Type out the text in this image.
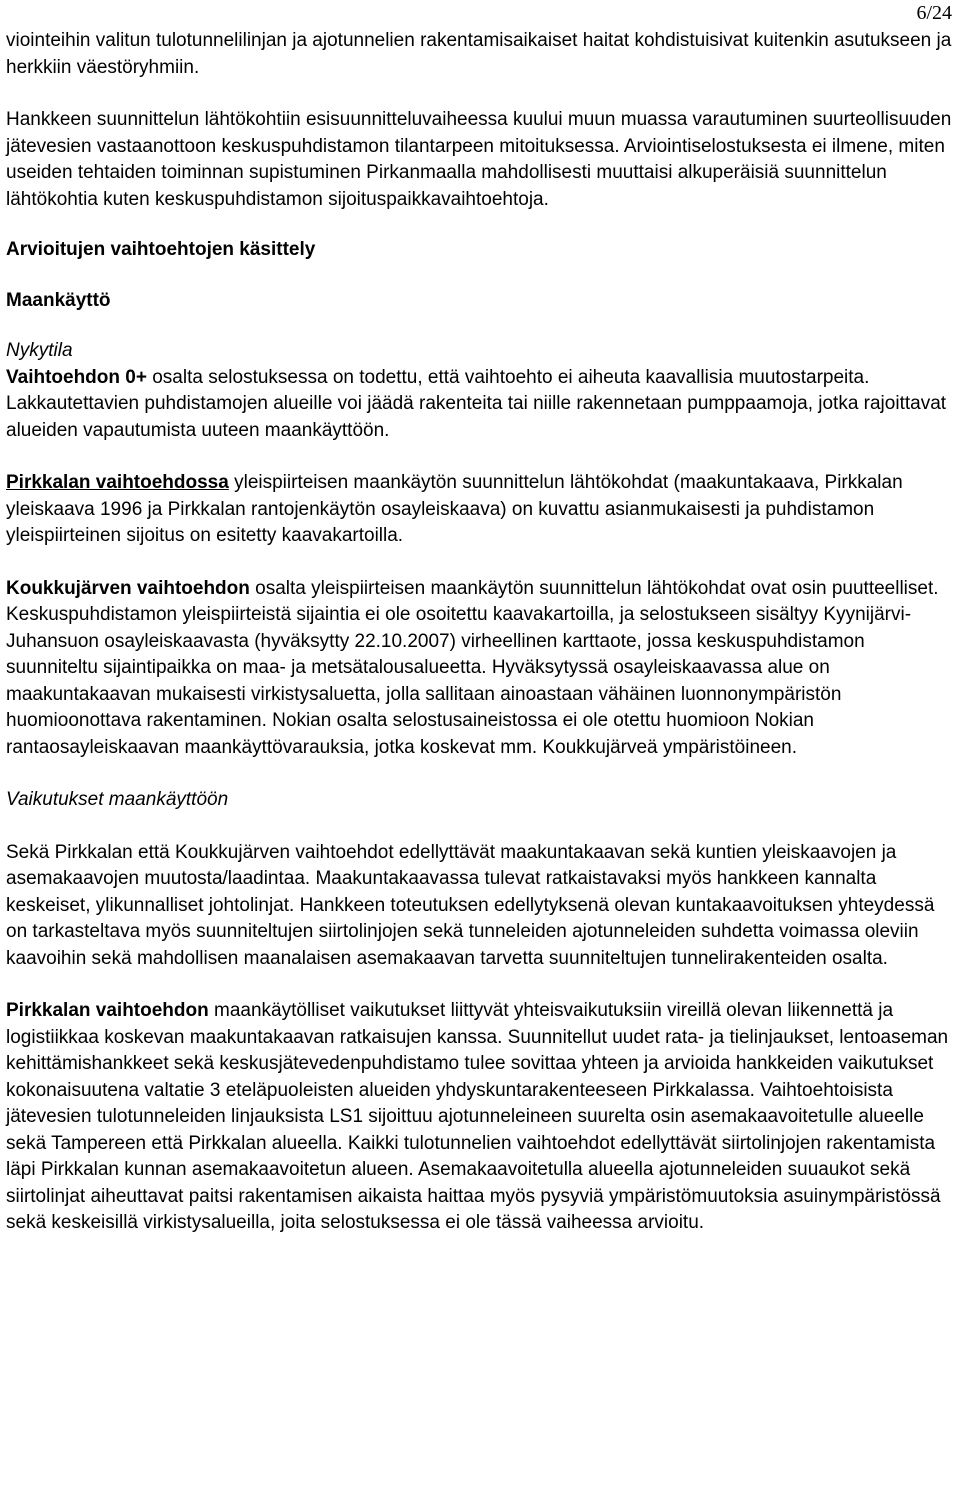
6/24

viointeihin valitun tulotunnelilinjan ja ajotunnelien rakentamisaikaiset haitat kohdistuisivat kuitenkin asutukseen ja herkkiin väestöryhmiin.

Hankkeen suunnittelun lähtökohtiin esisuunnitteluvaiheessa kuului muun muassa varautuminen suurteollisuuden jätevesien vastaanottoon keskuspuhdistamon tilantarpeen mitoituksessa. Arviointiselostuksesta ei ilmene, miten useiden tehtaiden toiminnan supistuminen Pirkanmaalla mahdollisesti muuttaisi alkuperäisiä suunnittelun lähtökohtia kuten keskuspuhdistamon sijoituspaikkavaihtoehtoja.

Arvioitujen vaihtoehtojen käsittely
Maankäyttö

Nykytila

Vaihtoehdon 0+ osalta selostuksessa on todettu, että vaihtoehto ei aiheuta kaavallisia muutostarpeita. Lakkautettavien puhdistamojen alueille voi jäädä rakenteita tai niille rakennetaan pumppaamoja, jotka rajoittavat alueiden vapautumista uuteen maankäyttöön.

Pirkkalan vaihtoehdossa yleispiirteisen maankäytön suunnittelun lähtökohdat (maakuntakaava, Pirkkalan yleiskaava 1996 ja Pirkkalan rantojenkäytön osayleiskaava) on kuvattu asianmukaisesti ja puhdistamon yleispiirteinen sijoitus on esitetty kaavakartoilla.

Koukkujärven vaihtoehdon osalta yleispiirteisen maankäytön suunnittelun lähtökohdat ovat osin puutteelliset. Keskuspuhdistamon yleispiirteistä sijaintia ei ole osoitettu kaavakartoilla, ja selostukseen sisältyy Kyynijärvi-Juhansuon osayleiskaavasta (hyväksytty 22.10.2007) virheellinen karttaote, jossa keskuspuhdistamon suunniteltu sijaintipaikka on maa- ja metsätalousalueetta. Hyväksytyssä osayleiskaavassa alue on maakuntakaavan mukaisesti virkistysaluetta, jolla sallitaan ainoastaan vähäinen luonnonympäristön huomioonottava rakentaminen. Nokian osalta selostusaineistossa ei ole otettu huomioon Nokian rantaosayleiskaavan maankäyttövarauksia, jotka koskevat mm. Koukkujärveä ympäristöineen.

Vaikutukset maankäyttöön

Sekä Pirkkalan että Koukkujärven vaihtoehdot edellyttävät maakuntakaavan sekä kuntien yleiskaavojen ja asemakaavojen muutosta/laadintaa. Maakuntakaavassa tulevat ratkaistavaksi myös hankkeen kannalta keskeiset, ylikunnalliset johtolinjat. Hankkeen toteutuksen edellytyksenä olevan kuntakaavoituksen yhteydessä on tarkasteltava myös suunniteltujen siirtolinjojen sekä tunneleiden ajotunneleiden suhdetta voimassa oleviin kaavoihin sekä mahdollisen maanalaisen asemakaavan tarvetta suunniteltujen tunnelirakenteiden osalta.

Pirkkalan vaihtoehdon maankäytölliset vaikutukset liittyvät yhteisvaikutuksiin vireillä olevan liikennettä ja logistiikkaa koskevan maakuntakaavan ratkaisujen kanssa. Suunnitellut uudet rata- ja tielinjaukset, lentoaseman kehittämishankkeet sekä keskusjätevedenpuhdistamo tulee sovittaa yhteen ja arvioida hankkeiden vaikutukset kokonaisuutena valtatie 3 eteläpuoleisten alueiden yhdyskuntarakenteeseen Pirkkalassa. Vaihtoehtoisista jätevesien tulotunneleiden linjauksista LS1 sijoittuu ajotunneleineen suurelta osin asemakaavoitetulle alueelle sekä Tampereen että Pirkkalan alueella. Kaikki tulotunnelien vaihtoehdot edellyttävät siirtolinjojen rakentamista läpi Pirkkalan kunnan asemakaavoitetun alueen. Asemakaavoitetulla alueella ajotunneleiden suuaukot sekä siirtolinjat aiheuttavat paitsi rakentamisen aikaista haittaa myös pysyviä ympäristömuutoksia asuinympäristössä sekä keskeisillä virkistysalueilla, joita selostuksessa ei ole tässä vaiheessa arvioitu.
